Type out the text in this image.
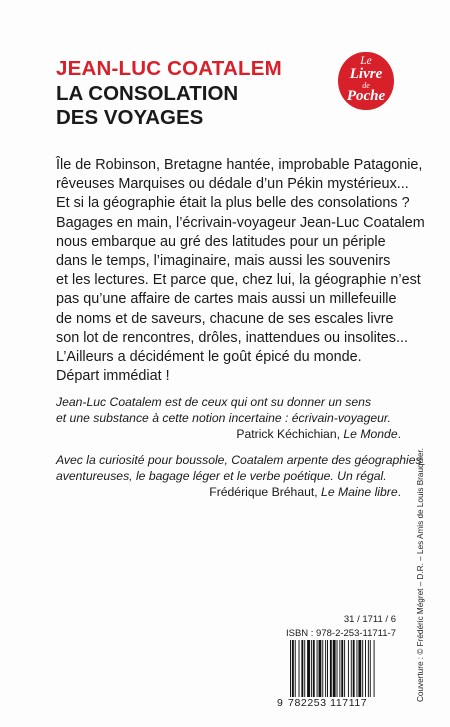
JEAN-LUC COATALEM
LA CONSOLATION
DES VOYAGES
Le
Livre
de
Poche

Île de Robinson, Bretagne hantée, improbable Patagonie,

rêveuses Marquises ou dédale d’un Pékin mystérieux...

Et si la géographie était la plus belle des consolations ?

Bagages en main, l’écrivain-voyageur Jean-Luc Coatalem

nous embarque au gré des latitudes pour un périple

dans le temps, l’imaginaire, mais aussi les souvenirs

et les lectures. Et parce que, chez lui, la géographie n’est

pas qu’une affaire de cartes mais aussi un millefeuille

de noms et de saveurs, chacune de ses escales livre

son lot de rencontres, drôles, inattendues ou insolites...

L’Ailleurs a décidément le goût épicé du monde.

Départ immédiat !

Jean-Luc Coatalem est de ceux qui ont su donner un sens

et une substance à cette notion incertaine : écrivain-voyageur.

Patrick Kéchichian, Le Monde.

Avec la curiosité pour boussole, Coatalem arpente des géographies

aventureuses, le bagage léger et le verbe poétique. Un régal.

Frédérique Bréhaut, Le Maine libre.

31 / 1711 / 6
ISBN : 978-2-253-11711-7
9 782253 117117
Couverture : © Frédéric Mégret – D.R. – Les Amis de Louis Brauquier.
